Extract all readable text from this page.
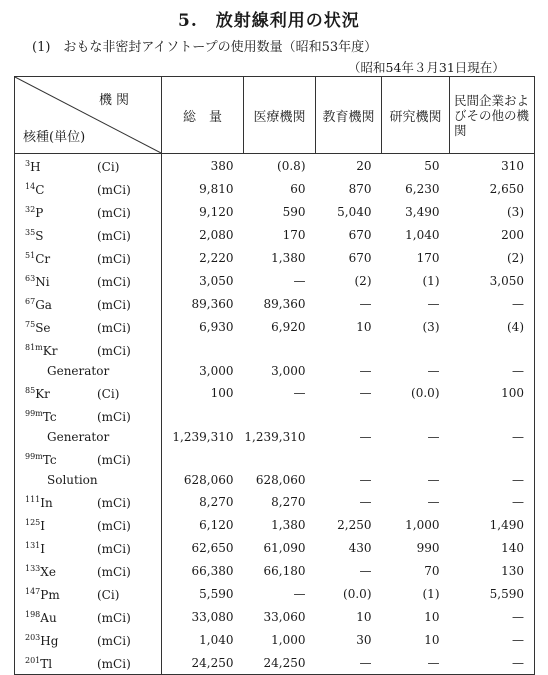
5.　放射線利用の状況
(1)　おもな非密封アイソトープの使用数量（昭和53年度）
（昭和54年３月31日現在）
機関
核種(単位)	総　量	医療機関	教育機関	研究機関	民間企業およびその他の機関
$^3$H (Ci)	380	(0.8)	20	50	310
$^{14}$C (mCi)	9,810	60	870	6,230	2,650
$^{32}$P (mCi)	9,120	590	5,040	3,490	(3)
$^{35}$S (mCi)	2,080	170	670	1,040	200
$^{51}$Cr (mCi)	2,220	1,380	670	170	(2)
$^{63}$Ni (mCi)	3,050	—	(2)	(1)	3,050
$^{67}$Ga (mCi)	89,360	89,360	—	—	—
$^{75}$Se (mCi)	6,930	6,920	10	(3)	(4)
$^{81m}$Kr (mCi)					
Generator	3,000	3,000	—	—	—
$^{85}$Kr (Ci)	100	—	—	(0.0)	100
$^{99m}$Tc (mCi)					
Generator	1,239,310	1,239,310	—	—	—
$^{99m}$Tc (mCi)					
Solution	628,060	628,060	—	—	—
$^{111}$In (mCi)	8,270	8,270	—	—	—
$^{125}$I (mCi)	6,120	1,380	2,250	1,000	1,490
$^{131}$I (mCi)	62,650	61,090	430	990	140
$^{133}$Xe (mCi)	66,380	66,180	—	70	130
$^{147}$Pm (Ci)	5,590	—	(0.0)	(1)	5,590
$^{198}$Au (mCi)	33,080	33,060	10	10	—
$^{203}$Hg (mCi)	1,040	1,000	30	10	—
$^{201}$Tl (mCi)	24,250	24,250	—	—	—
